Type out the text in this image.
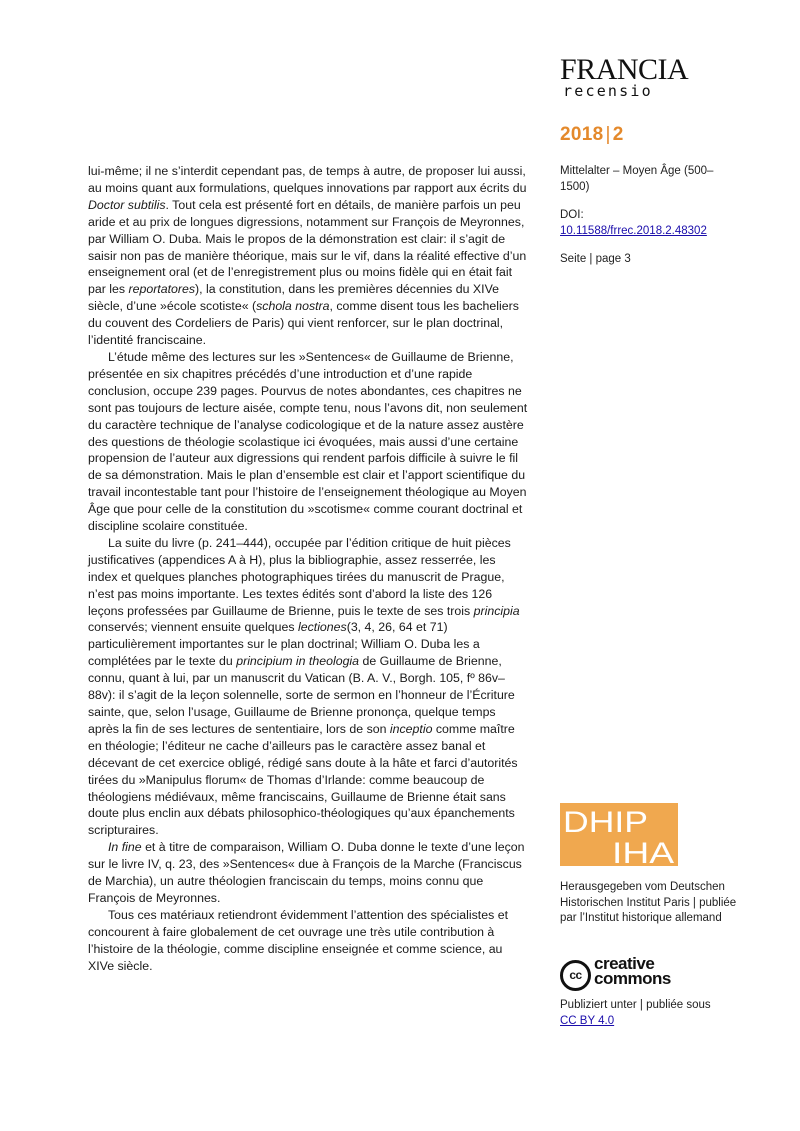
FRANCIA
recensio
2018 | 2
Mittelalter – Moyen Âge (500–1500)
DOI:
10.11588/frrec.2018.2.48302
Seite | page 3

lui-même; il ne s’interdit cependant pas, de temps à autre, de proposer lui aussi, au moins quant aux formulations, quelques innovations par rapport aux écrits du Doctor subtilis. Tout cela est présenté fort en détails, de manière parfois un peu aride et au prix de longues digressions, notamment sur François de Meyronnes, par William O. Duba. Mais le propos de la démonstration est clair: il s’agit de saisir non pas de manière théorique, mais sur le vif, dans la réalité effective d’un enseignement oral (et de l’enregistrement plus ou moins fidèle qui en était fait par les reportatores), la constitution, dans les premières décennies du XIVe siècle, d’une »école scotiste« (schola nostra, comme disent tous les bacheliers du couvent des Cordeliers de Paris) qui vient renforcer, sur le plan doctrinal, l’identité franciscaine.

L’étude même des lectures sur les »Sentences« de Guillaume de Brienne, présentée en six chapitres précédés d’une introduction et d’une rapide conclusion, occupe 239 pages. Pourvus de notes abondantes, ces chapitres ne sont pas toujours de lecture aisée, compte tenu, nous l’avons dit, non seulement du caractère technique de l’analyse codicologique et de la nature assez austère des questions de théologie scolastique ici évoquées, mais aussi d’une certaine propension de l’auteur aux digressions qui rendent parfois difficile à suivre le fil de sa démonstration. Mais le plan d’ensemble est clair et l’apport scientifique du travail incontestable tant pour l’histoire de l’enseignement théologique au Moyen Âge que pour celle de la constitution du »scotisme« comme courant doctrinal et discipline scolaire constituée.

La suite du livre (p. 241–444), occupée par l’édition critique de huit pièces justificatives (appendices A à H), plus la bibliographie, assez resserrée, les index et quelques planches photographiques tirées du manuscrit de Prague, n’est pas moins importante. Les textes édités sont d’abord la liste des 126 leçons professées par Guillaume de Brienne, puis le texte de ses trois principia conservés; viennent ensuite quelques lectiones(3, 4, 26, 64 et 71) particulièrement importantes sur le plan doctrinal; William O. Duba les a complétées par le texte du principium in theologia de Guillaume de Brienne, connu, quant à lui, par un manuscrit du Vatican (B. A. V., Borgh. 105, fº 86v–88v): il s’agit de la leçon solennelle, sorte de sermon en l’honneur de l’Écriture sainte, que, selon l’usage, Guillaume de Brienne prononça, quelque temps après la fin de ses lectures de sententiaire, lors de son inceptio comme maître en théologie; l’éditeur ne cache d’ailleurs pas le caractère assez banal et décevant de cet exercice obligé, rédigé sans doute à la hâte et farci d’autorités tirées du »Manipulus florum« de Thomas d’Irlande: comme beaucoup de théologiens médiévaux, même franciscains, Guillaume de Brienne était sans doute plus enclin aux débats philosophico-théologiques qu’aux épanchements scripturaires.

In fine et à titre de comparaison, William O. Duba donne le texte d’une leçon sur le livre IV, q. 23, des »Sentences« due à François de la Marche (Franciscus de Marchia), un autre théologien franciscain du temps, moins connu que François de Meyronnes.

Tous ces matériaux retiendront évidemment l’attention des spécialistes et concourent à faire globalement de cet ouvrage une très utile contribution à l’histoire de la théologie, comme discipline enseignée et comme science, au XIVe siècle.

DHIP
IHA
Herausgegeben vom Deutschen Historischen Institut Paris | publiée par l’Institut historique allemand
cc
creative
commons
Publiziert unter | publiée sous
CC BY 4.0
